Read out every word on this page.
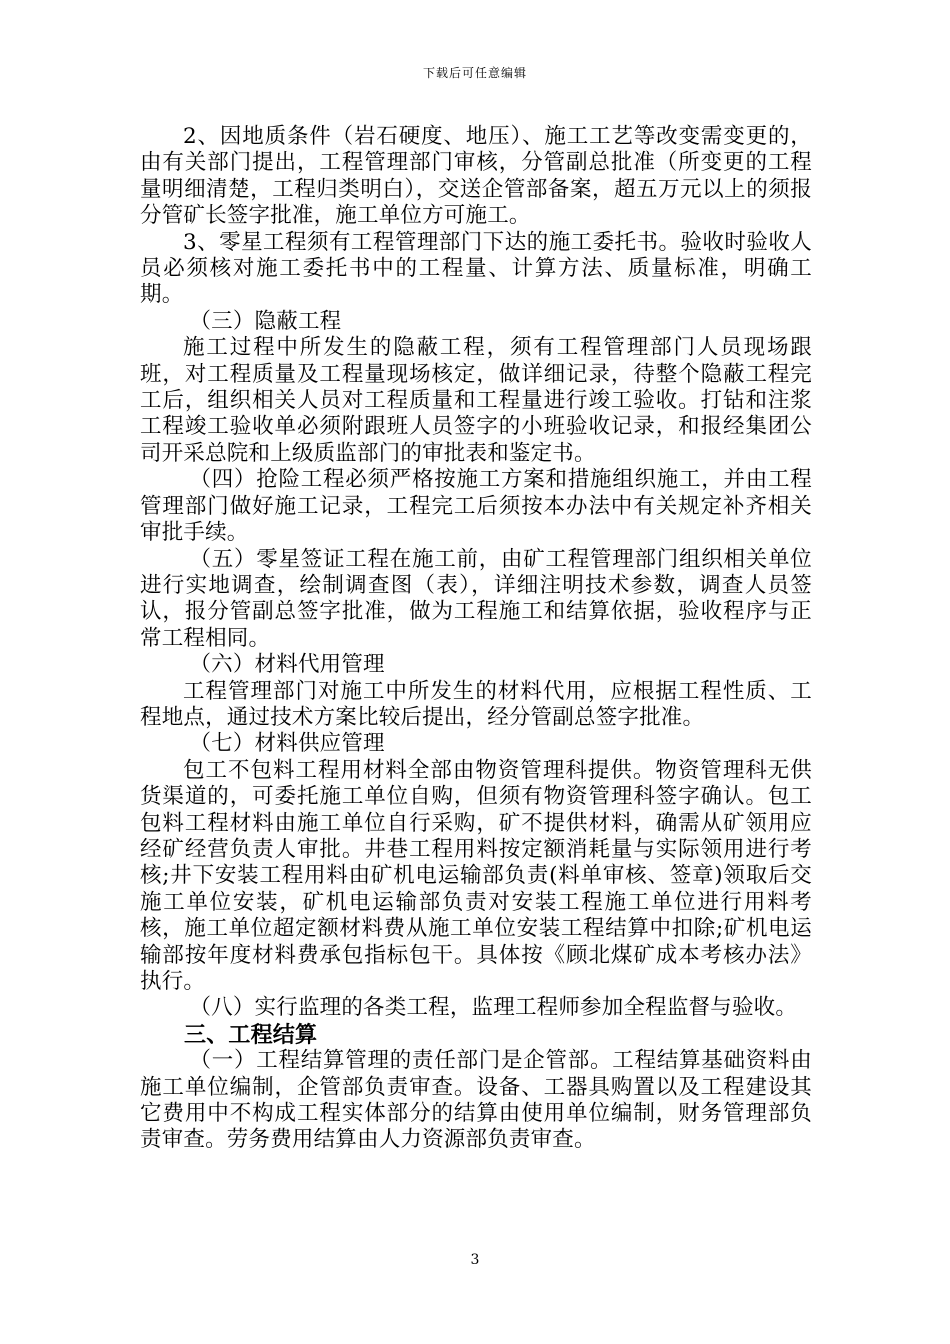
下载后可任意编辑

2、因地质条件（岩石硬度、地压）、施工工艺等改变需变更的，由有关部门提出，工程管理部门审核，分管副总批准（所变更的工程量明细清楚，工程归类明白），交送企管部备案，超五万元以上的须报分管矿长签字批准，施工单位方可施工。

3、零星工程须有工程管理部门下达的施工委托书。验收时验收人员必须核对施工委托书中的工程量、计算方法、质量标准，明确工期。

（三）隐蔽工程

施工过程中所发生的隐蔽工程，须有工程管理部门人员现场跟班，对工程质量及工程量现场核定，做详细记录，待整个隐蔽工程完工后，组织相关人员对工程质量和工程量进行竣工验收。打钻和注浆工程竣工验收单必须附跟班人员签字的小班验收记录，和报经集团公司开采总院和上级质监部门的审批表和鉴定书。

（四）抢险工程必须严格按施工方案和措施组织施工，并由工程管理部门做好施工记录，工程完工后须按本办法中有关规定补齐相关审批手续。

（五）零星签证工程在施工前，由矿工程管理部门组织相关单位进行实地调查，绘制调查图（表），详细注明技术参数，调查人员签认，报分管副总签字批准，做为工程施工和结算依据，验收程序与正常工程相同。

（六）材料代用管理

工程管理部门对施工中所发生的材料代用，应根据工程性质、工程地点，通过技术方案比较后提出，经分管副总签字批准。

（七）材料供应管理

包工不包料工程用材料全部由物资管理科提供。物资管理科无供货渠道的，可委托施工单位自购，但须有物资管理科签字确认。包工包料工程材料由施工单位自行采购，矿不提供材料，确需从矿领用应经矿经营负责人审批。井巷工程用料按定额消耗量与实际领用进行考核;井下安装工程用料由矿机电运输部负责(料单审核、签章)领取后交施工单位安装，矿机电运输部负责对安装工程施工单位进行用料考核，施工单位超定额材料费从施工单位安装工程结算中扣除;矿机电运输部按年度材料费承包指标包干。具体按《顾北煤矿成本考核办法》执行。

（八）实行监理的各类工程，监理工程师参加全程监督与验收。

三、工程结算

（一）工程结算管理的责任部门是企管部。工程结算基础资料由施工单位编制，企管部负责审查。设备、工器具购置以及工程建设其它费用中不构成工程实体部分的结算由使用单位编制，财务管理部负责审查。劳务费用结算由人力资源部负责审查。

3
